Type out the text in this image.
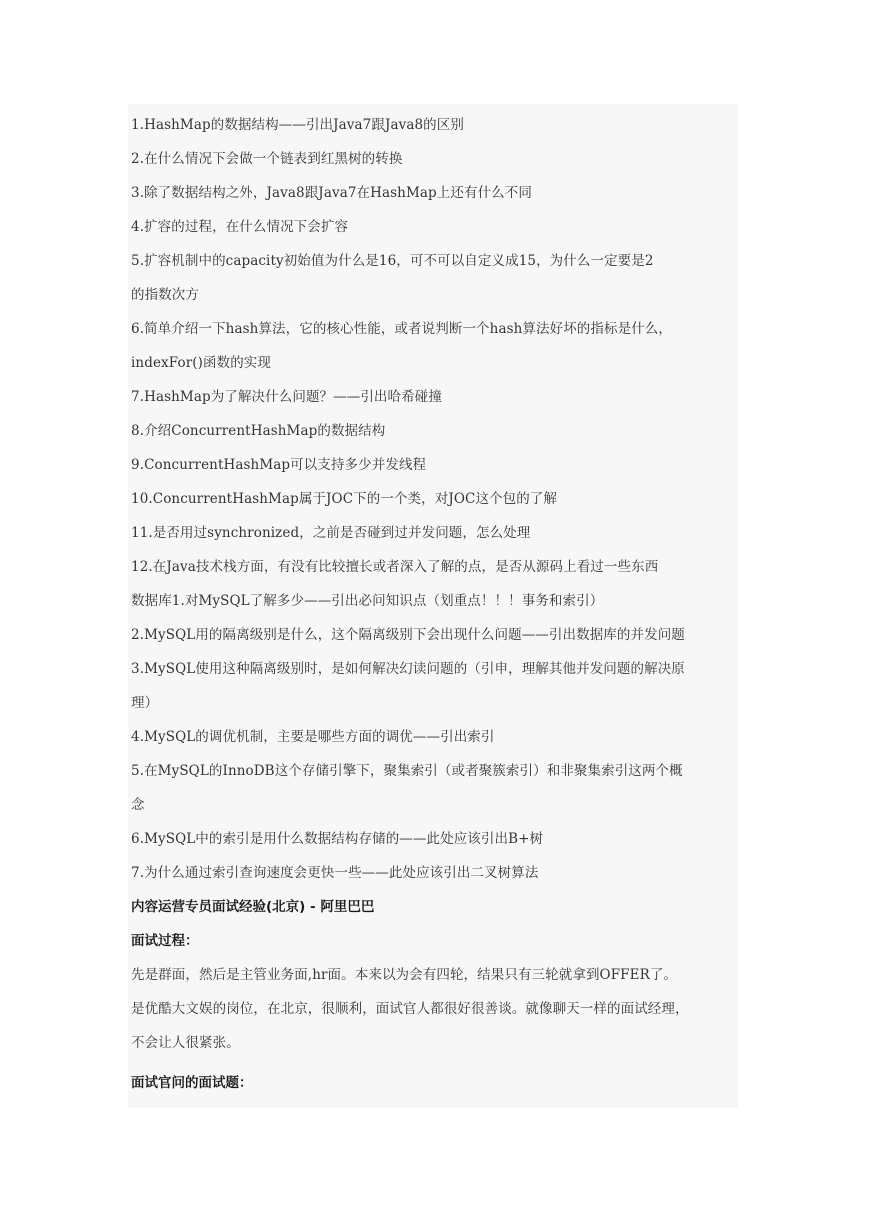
1.HashMap的数据结构——引出Java7跟Java8的区别
2.在什么情况下会做一个链表到红黑树的转换
3.除了数据结构之外，Java8跟Java7在HashMap上还有什么不同
4.扩容的过程，在什么情况下会扩容
5.扩容机制中的capacity初始值为什么是16，可不可以自定义成15，为什么一定要是2
的指数次方
6.简单介绍一下hash算法，它的核心性能，或者说判断一个hash算法好坏的指标是什么，
indexFor()函数的实现
7.HashMap为了解决什么问题？——引出哈希碰撞
8.介绍ConcurrentHashMap的数据结构
9.ConcurrentHashMap可以支持多少并发线程
10.ConcurrentHashMap属于JOC下的一个类，对JOC这个包的了解
11.是否用过synchronized，之前是否碰到过并发问题，怎么处理
12.在Java技术栈方面，有没有比较擅长或者深入了解的点，是否从源码上看过一些东西
数据库1.对MySQL了解多少——引出必问知识点（划重点！！！事务和索引）
2.MySQL用的隔离级别是什么，这个隔离级别下会出现什么问题——引出数据库的并发问题
3.MySQL使用这种隔离级别时，是如何解决幻读问题的（引申，理解其他并发问题的解决原
理）
4.MySQL的调优机制，主要是哪些方面的调优——引出索引
5.在MySQL的InnoDB这个存储引擎下，聚集索引（或者聚簇索引）和非聚集索引这两个概
念
6.MySQL中的索引是用什么数据结构存储的——此处应该引出B+树
7.为什么通过索引查询速度会更快一些——此处应该引出二叉树算法
内容运营专员面试经验(北京) - 阿里巴巴
面试过程：
先是群面，然后是主管业务面,hr面。本来以为会有四轮，结果只有三轮就拿到OFFER了。
是优酷大文娱的岗位，在北京，很顺利，面试官人都很好很善谈。就像聊天一样的面试经理，
不会让人很紧张。
面试官问的面试题：
